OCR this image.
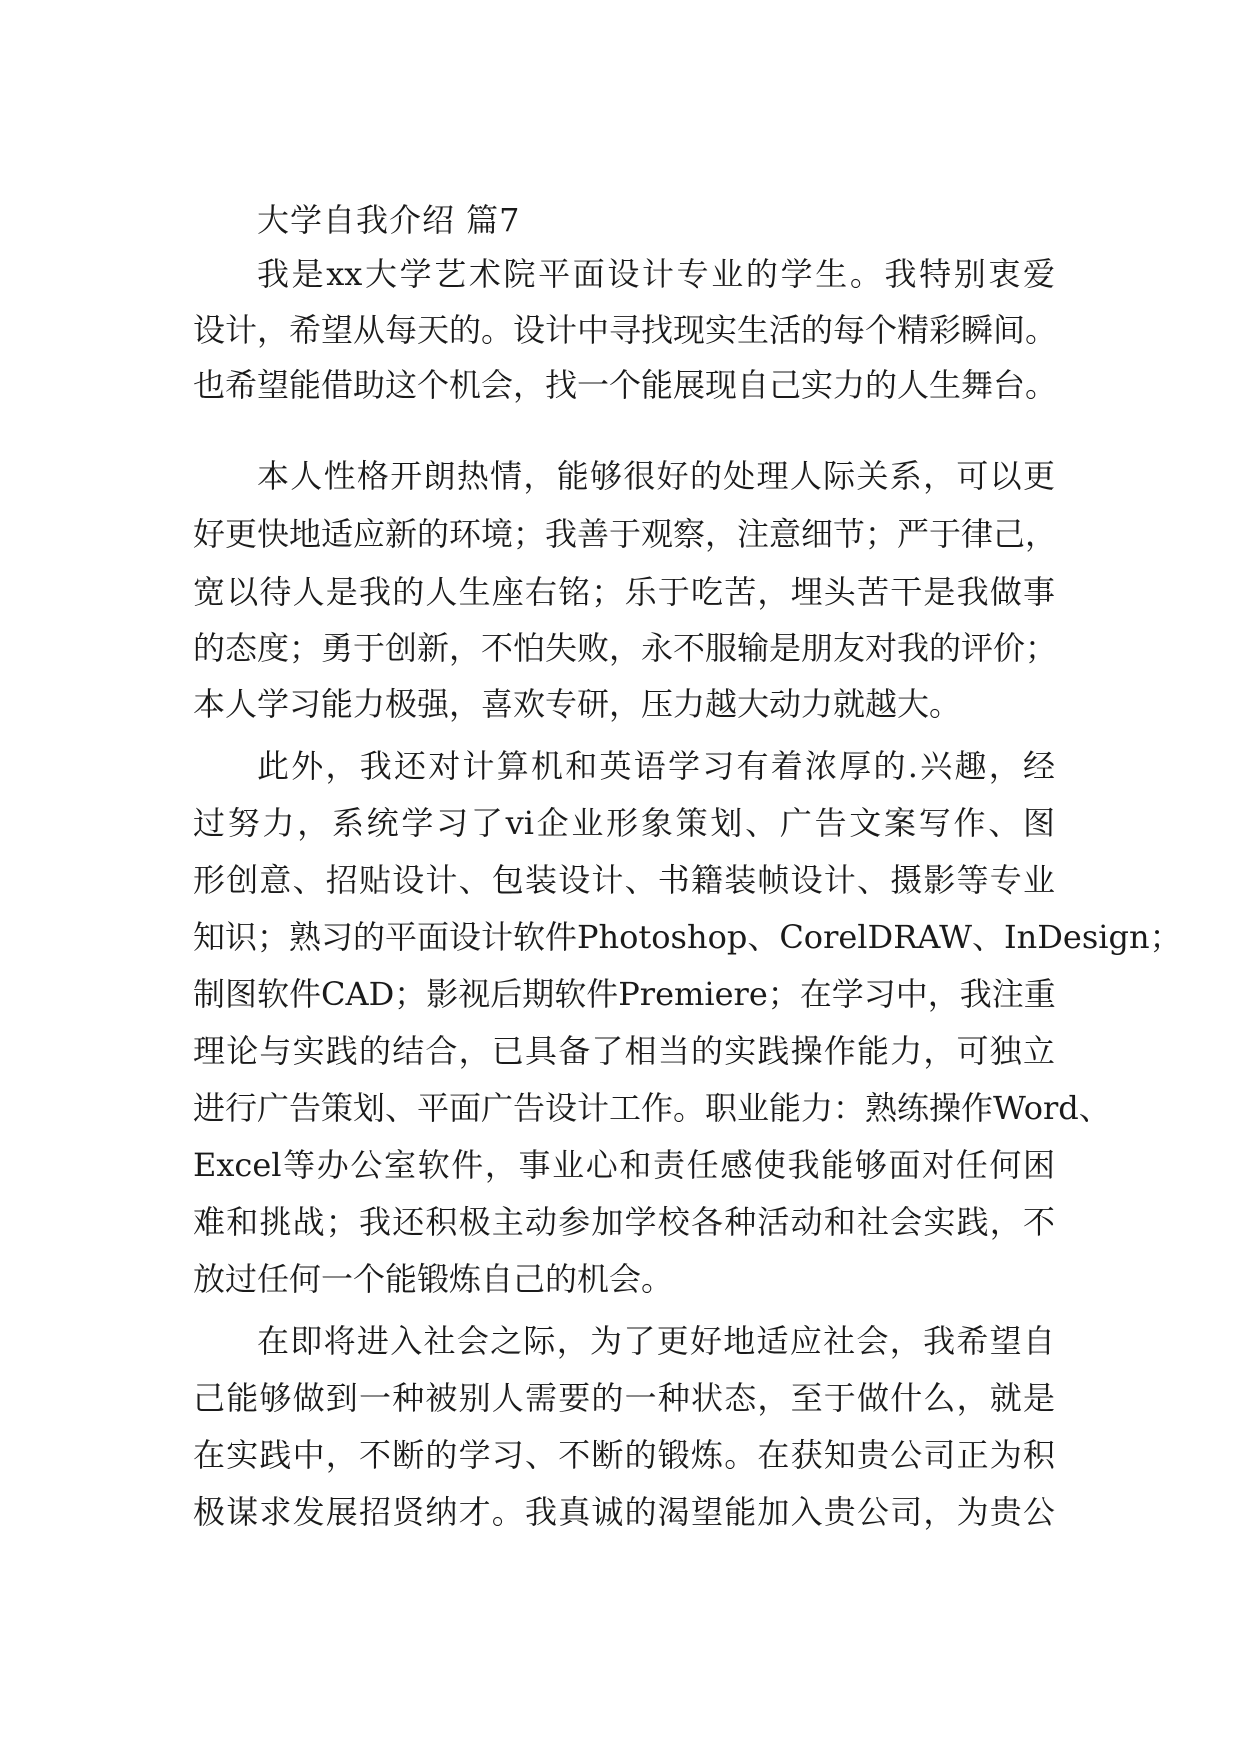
大学自我介绍 篇7
我是xx大学艺术院平面设计专业的学生。我特别衷爱
设计，希望从每天的。设计中寻找现实生活的每个精彩瞬间。
也希望能借助这个机会，找一个能展现自己实力的人生舞台。
本人性格开朗热情，能够很好的处理人际关系，可以更
好更快地适应新的环境；我善于观察，注意细节；严于律己，
宽以待人是我的人生座右铭；乐于吃苦，埋头苦干是我做事
的态度；勇于创新，不怕失败，永不服输是朋友对我的评价；
本人学习能力极强，喜欢专研，压力越大动力就越大。
此外，我还对计算机和英语学习有着浓厚的.兴趣，经
过努力，系统学习了vi企业形象策划、广告文案写作、图
形创意、招贴设计、包装设计、书籍装帧设计、摄影等专业
知识；熟习的平面设计软件Photoshop、CorelDRAW、InDesign；
制图软件CAD；影视后期软件Premiere；在学习中，我注重
理论与实践的结合，已具备了相当的实践操作能力，可独立
进行广告策划、平面广告设计工作。职业能力：熟练操作Word、
Excel等办公室软件，事业心和责任感使我能够面对任何困
难和挑战；我还积极主动参加学校各种活动和社会实践，不
放过任何一个能锻炼自己的机会。
在即将进入社会之际，为了更好地适应社会，我希望自
己能够做到一种被别人需要的一种状态，至于做什么，就是
在实践中，不断的学习、不断的锻炼。在获知贵公司正为积
极谋求发展招贤纳才。我真诚的渴望能加入贵公司，为贵公
